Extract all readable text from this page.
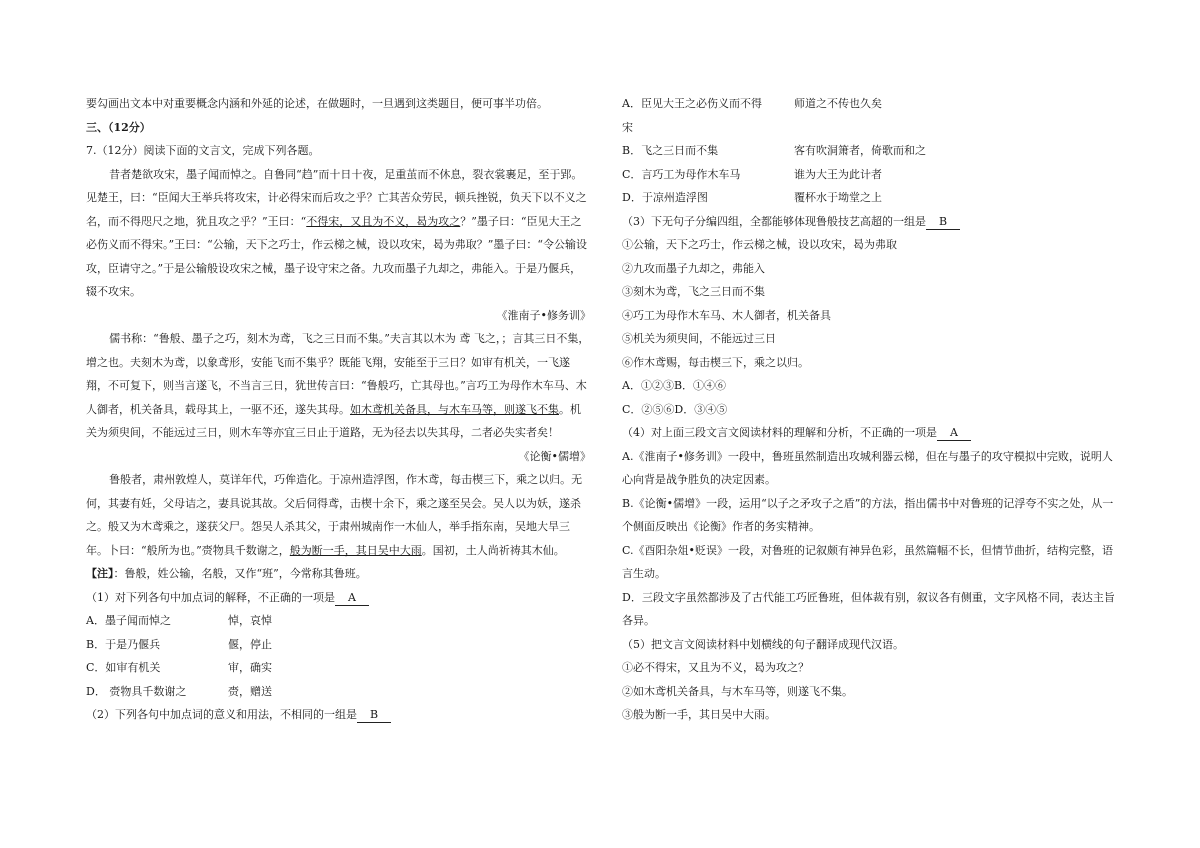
要勾画出文本中对重要概念内涵和外延的论述，在做题时，一旦遇到这类题目，便可事半功倍。

三、（12分）

7.（12分）阅读下面的文言文，完成下列各题。

昔者楚欲攻宋，墨子闻而悼之。自鲁同“趋”而十日十夜，足重茧而不休息，裂衣裳裹足，至于郢。见楚王，曰：“臣闻大王举兵将攻宋，计必得宋而后攻之乎？亡其苦众劳民，顿兵挫锐，负天下以不义之名，而不得咫尺之地，犹且攻之乎？”王曰：“不得宋，又且为不义，曷为攻之？”墨子曰：“臣见大王之必伤义而不得宋。”王曰：“公输，天下之巧士，作云梯之械，设以攻宋，曷为弗取？”墨子曰：“令公输设攻，臣请守之。”于是公输般设攻宋之械，墨子设守宋之备。九攻而墨子九却之，弗能入。于是乃偃兵，辍不攻宋。

《淮南子•修务训》

儒书称：“鲁般、墨子之巧，刻木为鸢，飞之三日而不集。”夫言其以木为 鸢 飞之，；言其三日不集，增之也。夫刻木为鸢，以象鸢形，安能飞而不集乎？既能飞翔，安能至于三日？如审有机关，一飞遂翔，不可复下，则当言遂飞，不当言三日，犹世传言曰：“鲁般巧，亡其母也。”言巧工为母作木车马、木人御者，机关备具，载母其上，一驱不还，遂失其母。如木鸢机关备具，与木车马等，则遂飞不集。机关为须臾间，不能远过三日，则木车等亦宜三日止于道路，无为径去以失其母，二者必失实者矣！

《论衡•儒增》

鲁般者，肃州敦煌人，莫详年代，巧侔造化。于凉州造浮图，作木鸢，每击楔三下，乘之以归。无何，其妻有妊，父母诘之，妻具说其故。父后伺得鸢，击楔十余下，乘之遂至吴会。吴人以为妖，遂杀之。般又为木鸢乘之，遂获父尸。怨吴人杀其父，于肃州城南作一木仙人，举手指东南，吴地大旱三年。卜曰：“般所为也。”赍物具千数谢之，般为断一手，其日吴中大雨。国初，土人尚祈祷其木仙。

【注】：鲁般，姓公输，名般，又作“班”，今常称其鲁班。

（1）对下列各句中加点词的解释，不正确的一项是 A

A．墨子闻而悼之	悼，哀悼
B．于是乃偃兵	偃，停止
C．如审有机关	审，确实
D． 赍物具千数谢之	赍，赠送

（2）下列各句中加点词的意义和用法，不相同的一组是 B

A．臣见大王之必伤义而不得	师道之不传也久矣
宋
B．飞之三日而不集	客有吹洞箫者，倚歌而和之
C．言巧工为母作木车马	谁为大王为此计者
D．于凉州造浮图	覆杯水于坳堂之上

（3）下无句子分编四组，全都能够体现鲁般技艺高超的一组是 B

①公输，天下之巧士，作云梯之械，设以攻宋，曷为弗取
②九攻而墨子九却之，弗能入
③刻木为鸢，飞之三日而不集
④巧工为母作木车马、木人御者，机关备具
⑤机关为须臾间，不能远过三日
⑥作木鸢赐，每击楔三下，乘之以归。
A．①②③B．①④⑥
C．②⑤⑥D．③④⑤

（4）对上面三段文言文阅读材料的理解和分析，不正确的一项是 A

A.《淮南子•修务训》一段中，鲁班虽然制造出攻城利器云梯，但在与墨子的攻守模拟中完败，说明人心向背是战争胜负的决定因素。

B.《论衡•儒增》一段，运用“以子之矛攻子之盾”的方法，指出儒书中对鲁班的记浮夸不实之处，从一个侧面反映出《论衡》作者的务实精神。

C.《酉阳杂俎•贬误》一段，对鲁班的记叙颇有神异色彩，虽然篇幅不长，但情节曲折，结构完整，语言生动。

D．三段文字虽然都涉及了古代能工巧匠鲁班，但体裁有别，叙议各有侧重，文字风格不同，表达主旨各异。

（5）把文言文阅读材料中划横线的句子翻译成现代汉语。

①必不得宋，又且为不义，曷为攻之？
②如木鸢机关备具，与木车马等，则遂飞不集。
③般为断一手，其日吴中大雨。
